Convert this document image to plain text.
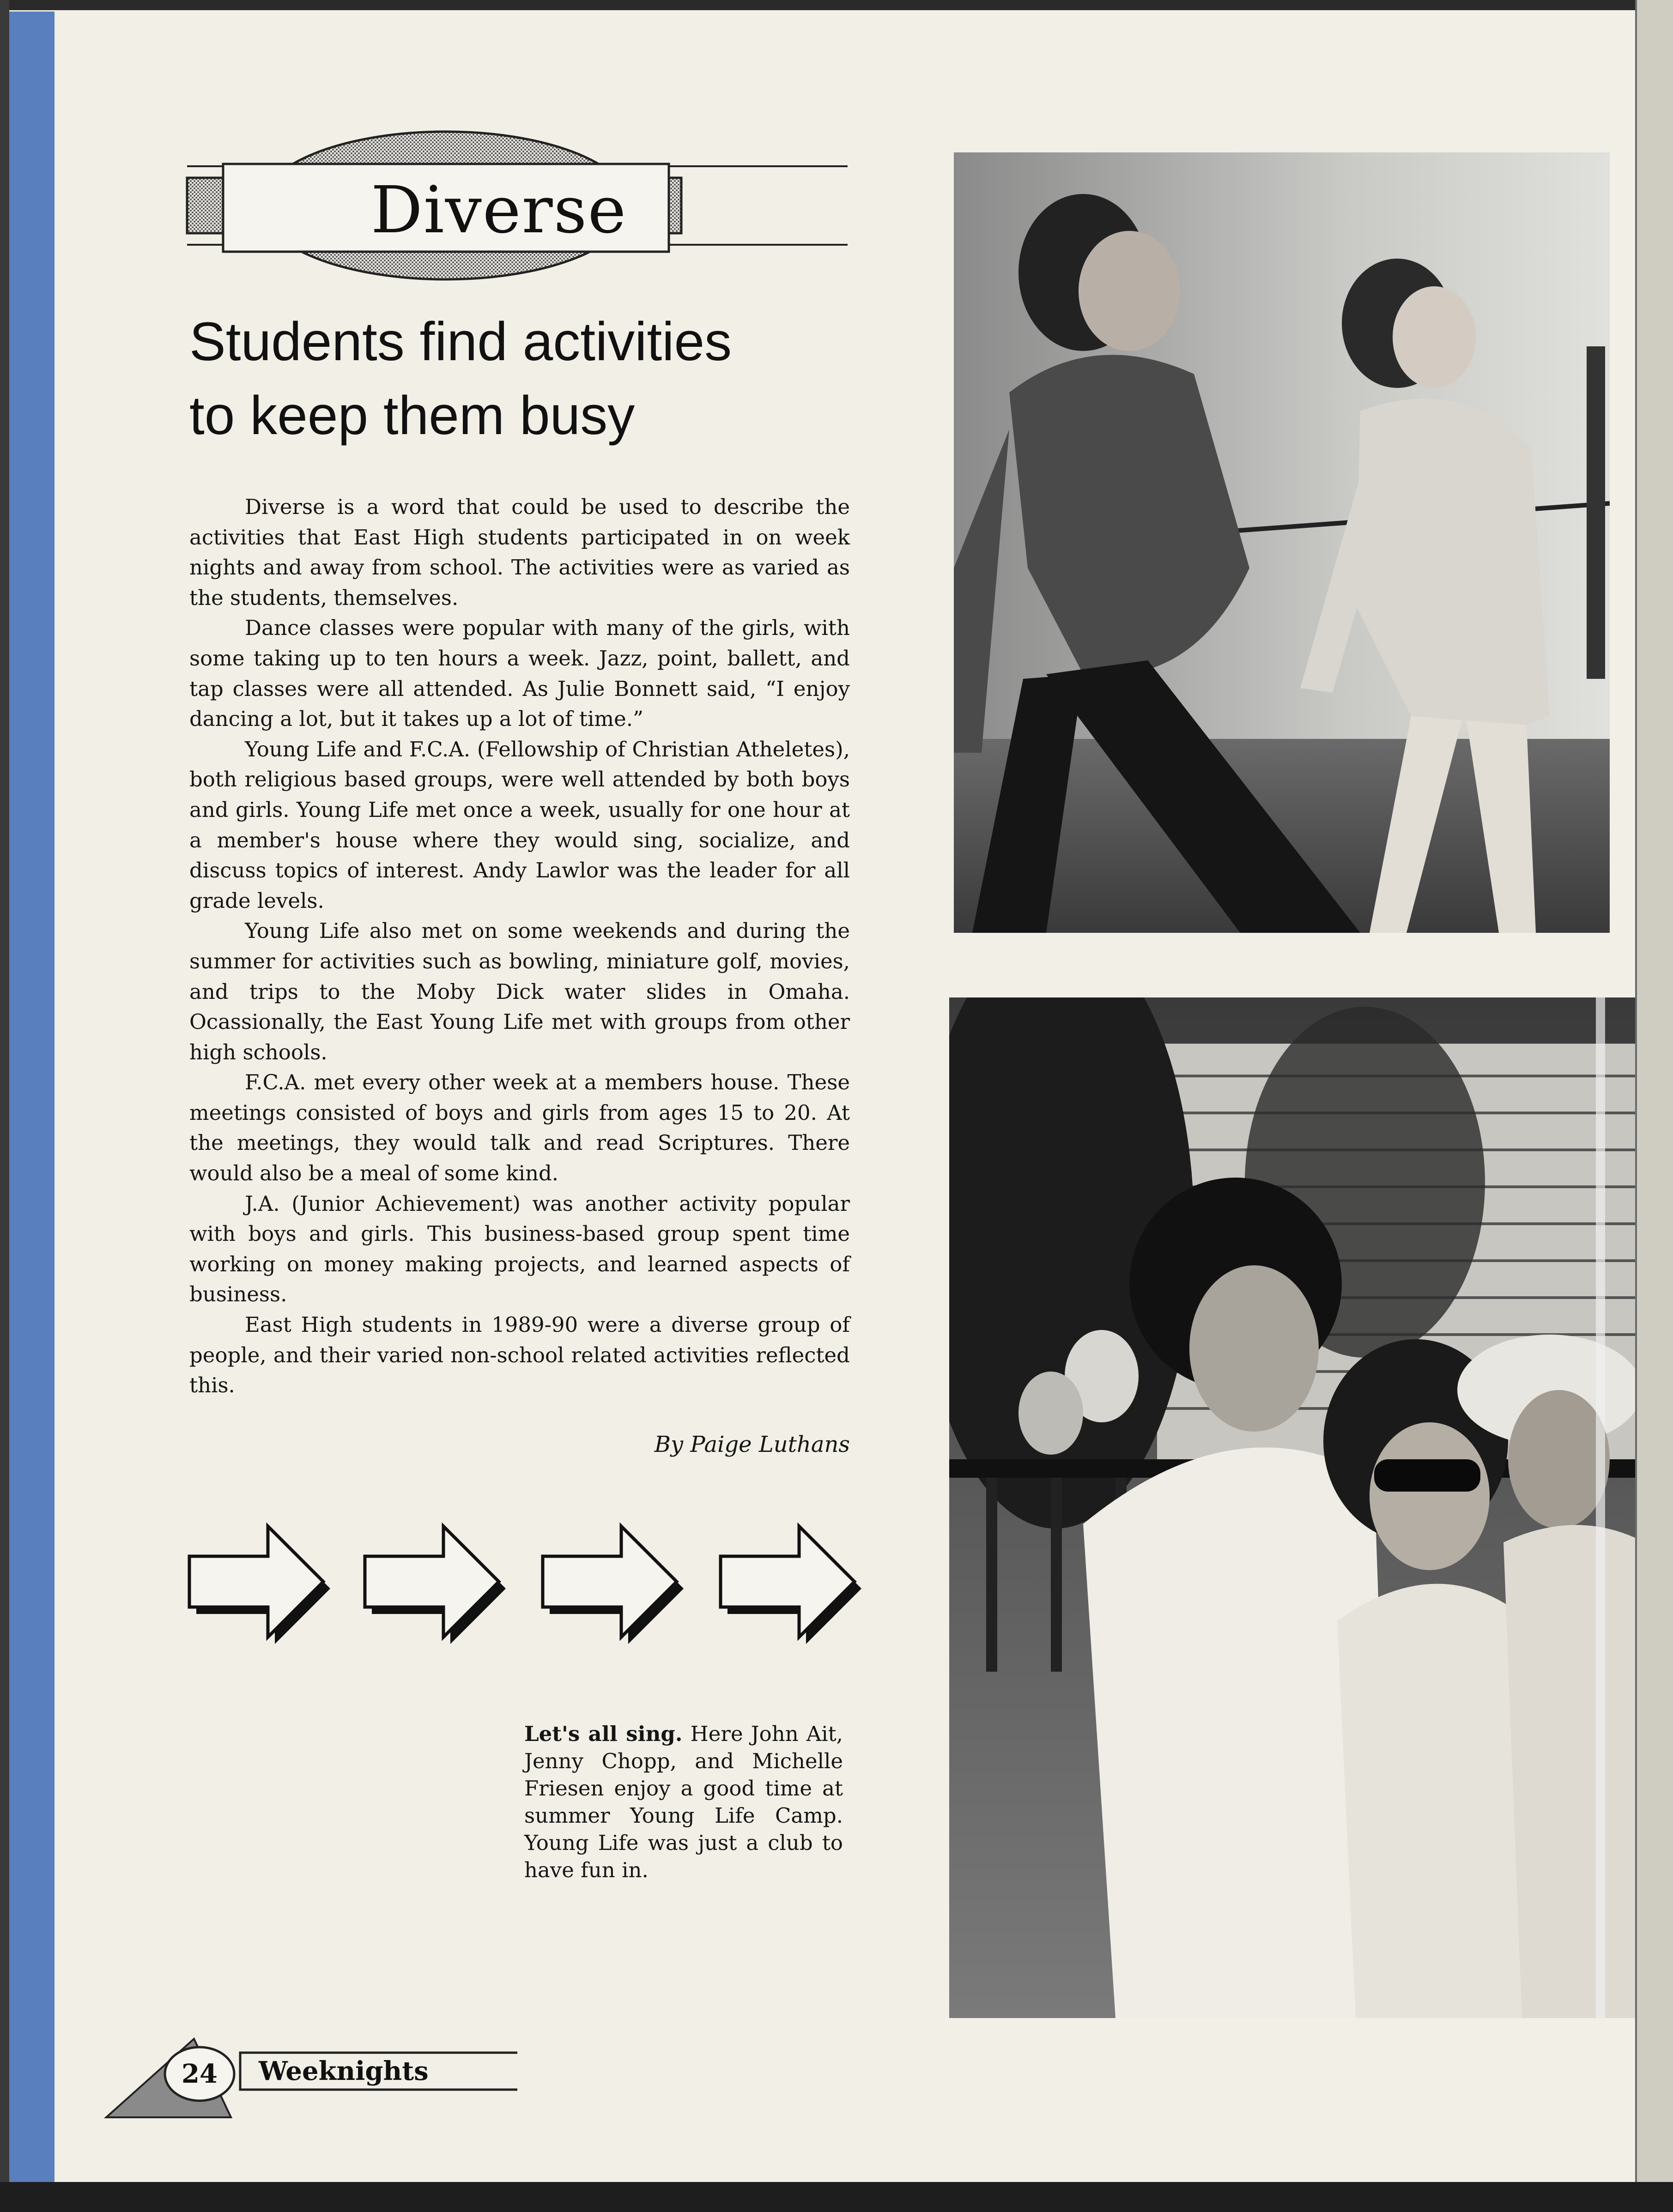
Diverse
Students find activities
to keep them busy

Diverse is a word that could be used to describe the activities that East High students participated in on week nights and away from school. The activities were as varied as the students, themselves.

Dance classes were popular with many of the girls, with some taking up to ten hours a week. Jazz, point, ballett, and tap classes were all attended. As Julie Bonnett said, “I enjoy dancing a lot, but it takes up a lot of time.”

Young Life and F.C.A. (Fellowship of Christian Atheletes), both religious based groups, were well attended by both boys and girls. Young Life met once a week, usually for one hour at a member's house where they would sing, socialize, and discuss topics of interest. Andy Lawlor was the leader for all grade levels.

Young Life also met on some weekends and during the summer for activities such as bowling, miniature golf, movies, and trips to the Moby Dick water slides in Omaha. Ocassionally, the East Young Life met with groups from other high schools.

F.C.A. met every other week at a members house. These meetings consisted of boys and girls from ages 15 to 20. At the meetings, they would talk and read Scriptures. There would also be a meal of some kind.

J.A. (Junior Achievement) was another activity popular with boys and girls. This business-based group spent time working on money making projects, and learned aspects of business.

East High students in 1989-90 were a diverse group of people, and their varied non-school related activities reflected this.

By Paige Luthans
Let's all sing. Here John Ait, Jenny Chopp, and Michelle Friesen enjoy a good time at summer Young Life Camp. Young Life was just a club to have fun in.
24	Weeknights
